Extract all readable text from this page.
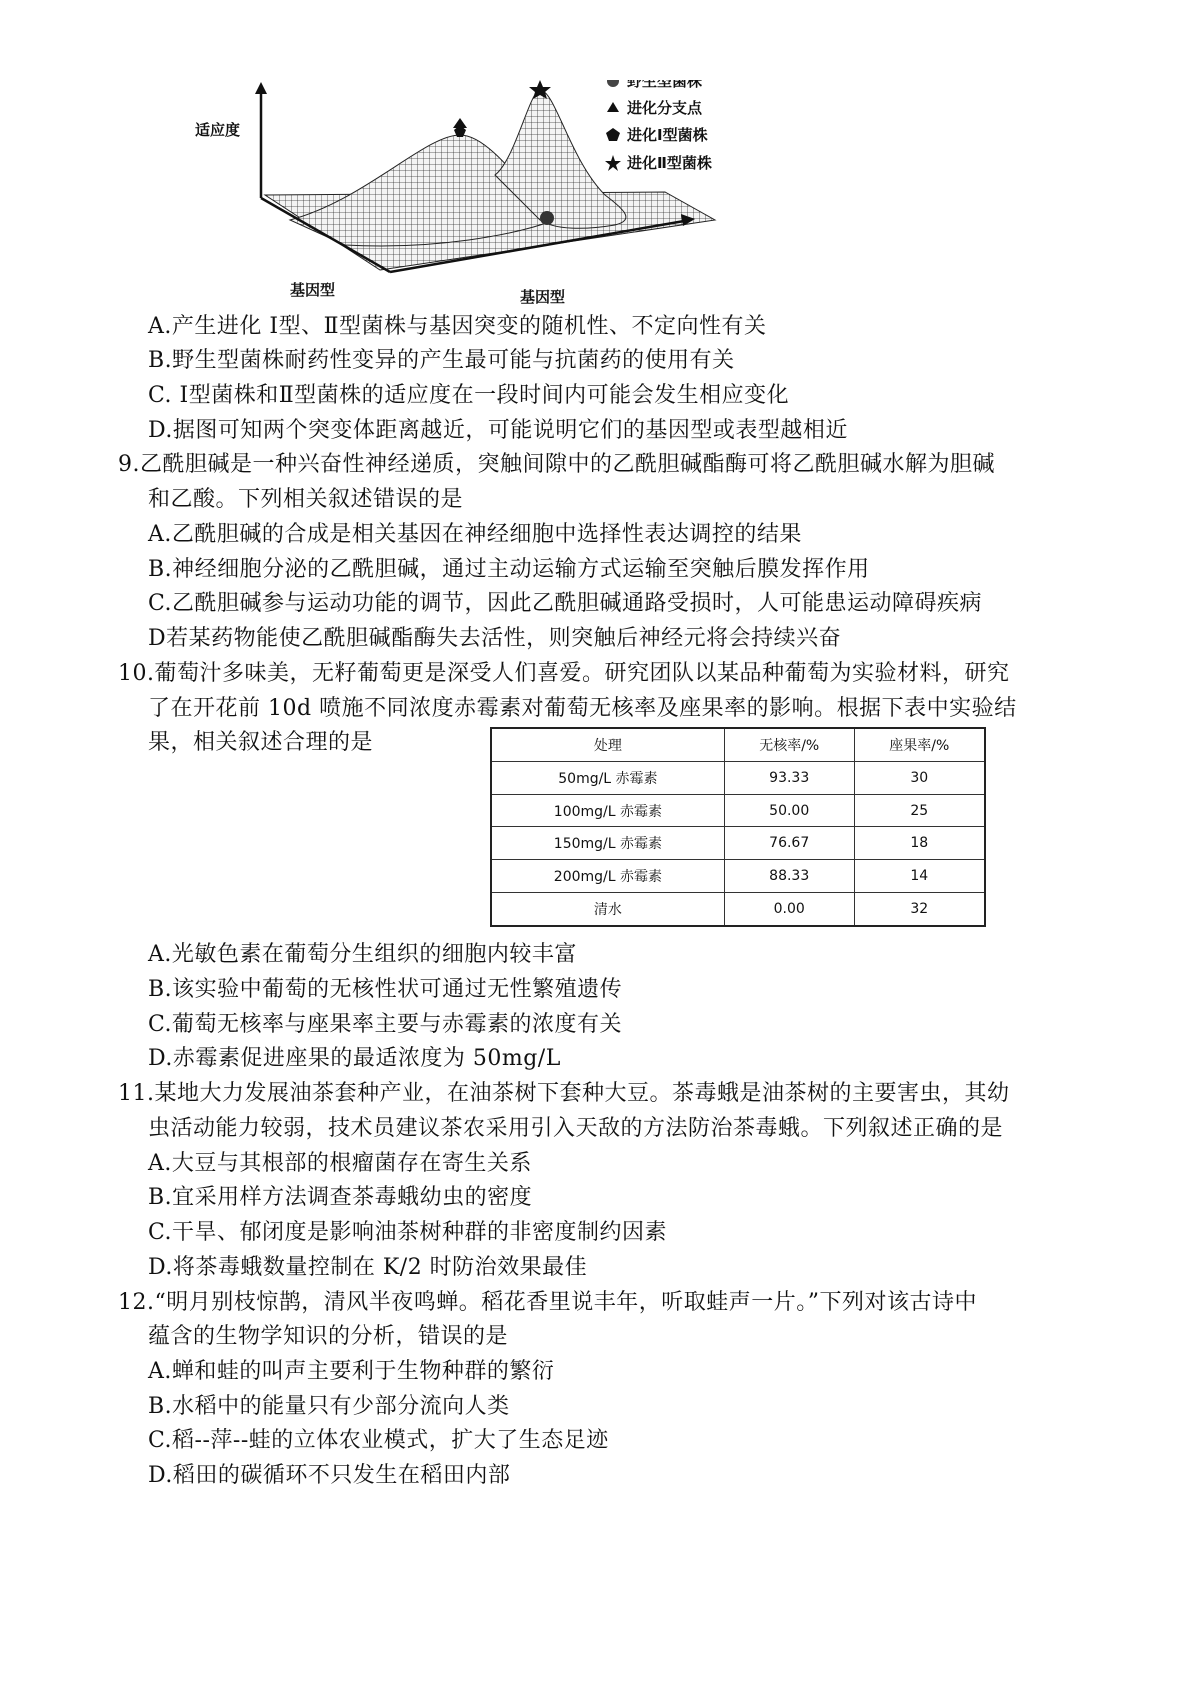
适应度
基因型	基因型
野生型菌株
进化分支点
进化Ⅰ型菌株
进化Ⅱ型菌株
A.产生进化 Ⅰ型、Ⅱ型菌株与基因突变的随机性、不定向性有关
B.野生型菌株耐药性变异的产生最可能与抗菌药的使用有关
C. Ⅰ型菌株和Ⅱ型菌株的适应度在一段时间内可能会发生相应变化
D.据图可知两个突变体距离越近，可能说明它们的基因型或表型越相近
9.乙酰胆碱是一种兴奋性神经递质，突触间隙中的乙酰胆碱酯酶可将乙酰胆碱水解为胆碱
和乙酸。下列相关叙述错误的是
A.乙酰胆碱的合成是相关基因在神经细胞中选择性表达调控的结果
B.神经细胞分泌的乙酰胆碱，通过主动运输方式运输至突触后膜发挥作用
C.乙酰胆碱参与运动功能的调节，因此乙酰胆碱通路受损时，人可能患运动障碍疾病
D若某药物能使乙酰胆碱酯酶失去活性，则突触后神经元将会持续兴奋
10.葡萄汁多味美，无籽葡萄更是深受人们喜爱。研究团队以某品种葡萄为实验材料，研究
了在开花前 10d 喷施不同浓度赤霉素对葡萄无核率及座果率的影响。根据下表中实验结
果，相关叙述合理的是	处理	无核率/%	座果率/%
50mg/L 赤霉素	93.33	30
100mg/L 赤霉素	50.00	25
150mg/L 赤霉素	76.67	18
200mg/L 赤霉素	88.33	14
清水	0.00	32
A.光敏色素在葡萄分生组织的细胞内较丰富
B.该实验中葡萄的无核性状可通过无性繁殖遗传
C.葡萄无核率与座果率主要与赤霉素的浓度有关
D.赤霉素促进座果的最适浓度为 50mg/L
11.某地大力发展油茶套种产业，在油茶树下套种大豆。茶毒蛾是油茶树的主要害虫，其幼
虫活动能力较弱，技术员建议茶农采用引入天敌的方法防治茶毒蛾。下列叙述正确的是
A.大豆与其根部的根瘤菌存在寄生关系
B.宜采用样方法调查茶毒蛾幼虫的密度
C.干旱、郁闭度是影响油茶树种群的非密度制约因素
D.将茶毒蛾数量控制在 K/2 时防治效果最佳
12.“明月别枝惊鹊，清风半夜鸣蝉。稻花香里说丰年，听取蛙声一片。”下列对该古诗中
蕴含的生物学知识的分析，错误的是
A.蝉和蛙的叫声主要利于生物种群的繁衍
B.水稻中的能量只有少部分流向人类
C.稻--萍--蛙的立体农业模式，扩大了生态足迹
D.稻田的碳循环不只发生在稻田内部
